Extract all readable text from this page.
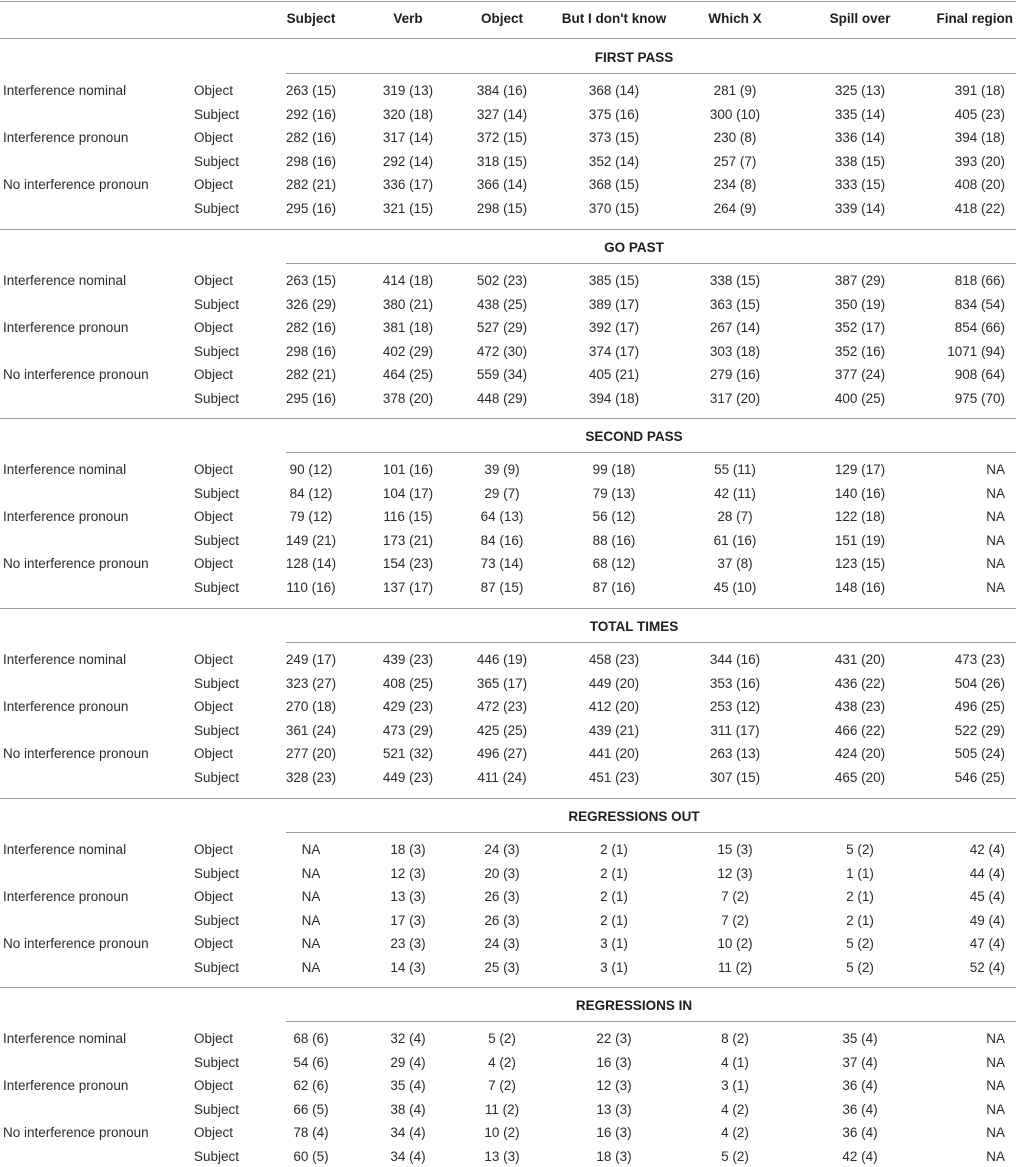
Subject	Verb	Object	But I don't know	Which X	Spill over	Final region
FIRST PASS
Interference nominal	Object	263 (15)	319 (13)	384 (16)	368 (14)	281 (9)	325 (13)	391 (18)
Subject	292 (16)	320 (18)	327 (14)	375 (16)	300 (10)	335 (14)	405 (23)
Interference pronoun	Object	282 (16)	317 (14)	372 (15)	373 (15)	230 (8)	336 (14)	394 (18)
Subject	298 (16)	292 (14)	318 (15)	352 (14)	257 (7)	338 (15)	393 (20)
No interference pronoun	Object	282 (21)	336 (17)	366 (14)	368 (15)	234 (8)	333 (15)	408 (20)
Subject	295 (16)	321 (15)	298 (15)	370 (15)	264 (9)	339 (14)	418 (22)
GO PAST
Interference nominal	Object	263 (15)	414 (18)	502 (23)	385 (15)	338 (15)	387 (29)	818 (66)
Subject	326 (29)	380 (21)	438 (25)	389 (17)	363 (15)	350 (19)	834 (54)
Interference pronoun	Object	282 (16)	381 (18)	527 (29)	392 (17)	267 (14)	352 (17)	854 (66)
Subject	298 (16)	402 (29)	472 (30)	374 (17)	303 (18)	352 (16)	1071 (94)
No interference pronoun	Object	282 (21)	464 (25)	559 (34)	405 (21)	279 (16)	377 (24)	908 (64)
Subject	295 (16)	378 (20)	448 (29)	394 (18)	317 (20)	400 (25)	975 (70)
SECOND PASS
Interference nominal	Object	90 (12)	101 (16)	39 (9)	99 (18)	55 (11)	129 (17)	NA
Subject	84 (12)	104 (17)	29 (7)	79 (13)	42 (11)	140 (16)	NA
Interference pronoun	Object	79 (12)	116 (15)	64 (13)	56 (12)	28 (7)	122 (18)	NA
Subject	149 (21)	173 (21)	84 (16)	88 (16)	61 (16)	151 (19)	NA
No interference pronoun	Object	128 (14)	154 (23)	73 (14)	68 (12)	37 (8)	123 (15)	NA
Subject	110 (16)	137 (17)	87 (15)	87 (16)	45 (10)	148 (16)	NA
TOTAL TIMES
Interference nominal	Object	249 (17)	439 (23)	446 (19)	458 (23)	344 (16)	431 (20)	473 (23)
Subject	323 (27)	408 (25)	365 (17)	449 (20)	353 (16)	436 (22)	504 (26)
Interference pronoun	Object	270 (18)	429 (23)	472 (23)	412 (20)	253 (12)	438 (23)	496 (25)
Subject	361 (24)	473 (29)	425 (25)	439 (21)	311 (17)	466 (22)	522 (29)
No interference pronoun	Object	277 (20)	521 (32)	496 (27)	441 (20)	263 (13)	424 (20)	505 (24)
Subject	328 (23)	449 (23)	411 (24)	451 (23)	307 (15)	465 (20)	546 (25)
REGRESSIONS OUT
Interference nominal	Object	NA	18 (3)	24 (3)	2 (1)	15 (3)	5 (2)	42 (4)
Subject	NA	12 (3)	20 (3)	2 (1)	12 (3)	1 (1)	44 (4)
Interference pronoun	Object	NA	13 (3)	26 (3)	2 (1)	7 (2)	2 (1)	45 (4)
Subject	NA	17 (3)	26 (3)	2 (1)	7 (2)	2 (1)	49 (4)
No interference pronoun	Object	NA	23 (3)	24 (3)	3 (1)	10 (2)	5 (2)	47 (4)
Subject	NA	14 (3)	25 (3)	3 (1)	11 (2)	5 (2)	52 (4)
REGRESSIONS IN
Interference nominal	Object	68 (6)	32 (4)	5 (2)	22 (3)	8 (2)	35 (4)	NA
Subject	54 (6)	29 (4)	4 (2)	16 (3)	4 (1)	37 (4)	NA
Interference pronoun	Object	62 (6)	35 (4)	7 (2)	12 (3)	3 (1)	36 (4)	NA
Subject	66 (5)	38 (4)	11 (2)	13 (3)	4 (2)	36 (4)	NA
No interference pronoun	Object	78 (4)	34 (4)	10 (2)	16 (3)	4 (2)	36 (4)	NA
Subject	60 (5)	34 (4)	13 (3)	18 (3)	5 (2)	42 (4)	NA
